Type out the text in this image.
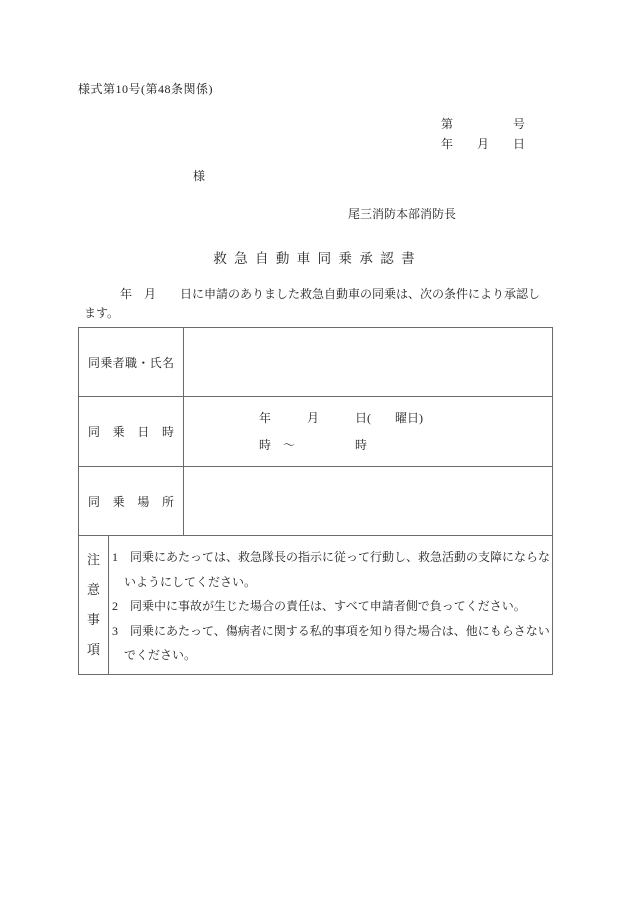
様式第10号(第48条関係)
第　　　　　号
年　　月　　日
様
尾三消防本部消防長
救 急 自 動 車 同 乗 承 認 書
　　　年　月　　日に申請のありました救急自動車の同乗は、次の条件により承認し
ます。
同乗者職・氏名
同　乗　日　時
年　　　月　　　日(　　曜日)
時　～　　　　　時
同　乗　場　所
注意事項
1　同乗にあたっては、救急隊長の指示に従って行動し、救急活動の支障にならな
いようにしてください。
2　同乗中に事故が生じた場合の責任は、すべて申請者側で負ってください。
3　同乗にあたって、傷病者に関する私的事項を知り得た場合は、他にもらさない
でください。
